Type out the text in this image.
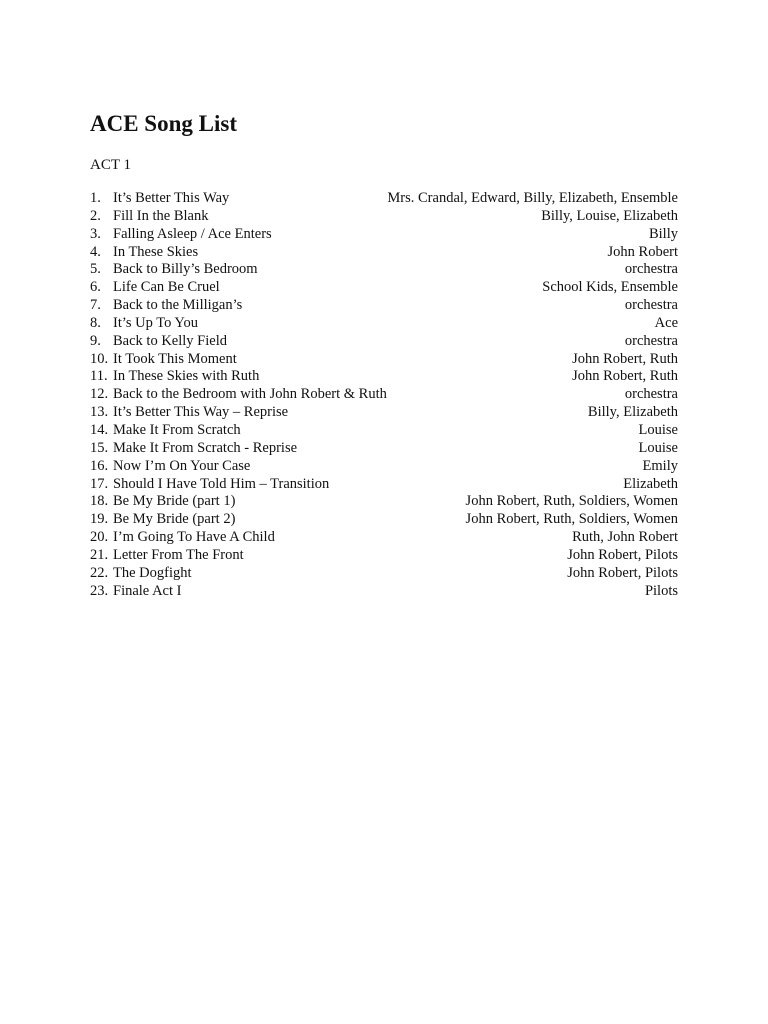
ACE Song List
ACT 1
1. It’s Better This Way	Mrs. Crandal, Edward, Billy, Elizabeth, Ensemble
2. Fill In the Blank	Billy, Louise, Elizabeth
3. Falling Asleep / Ace Enters	Billy
4. In These Skies	John Robert
5. Back to Billy’s Bedroom	orchestra
6. Life Can Be Cruel	School Kids, Ensemble
7. Back to the Milligan’s	orchestra
8. It’s Up To You	Ace
9. Back to Kelly Field	orchestra
10. It Took This Moment	John Robert, Ruth
11. In These Skies with Ruth	John Robert, Ruth
12. Back to the Bedroom with John Robert & Ruth	orchestra
13. It’s Better This Way – Reprise	Billy, Elizabeth
14. Make It From Scratch	Louise
15. Make It From Scratch - Reprise	Louise
16. Now I’m On Your Case	Emily
17. Should I Have Told Him – Transition	Elizabeth
18. Be My Bride (part 1)	John Robert, Ruth, Soldiers, Women
19. Be My Bride (part 2)	John Robert, Ruth, Soldiers, Women
20. I’m Going To Have A Child	Ruth, John Robert
21. Letter From The Front	John Robert, Pilots
22. The Dogfight	John Robert, Pilots
23. Finale Act I	Pilots
